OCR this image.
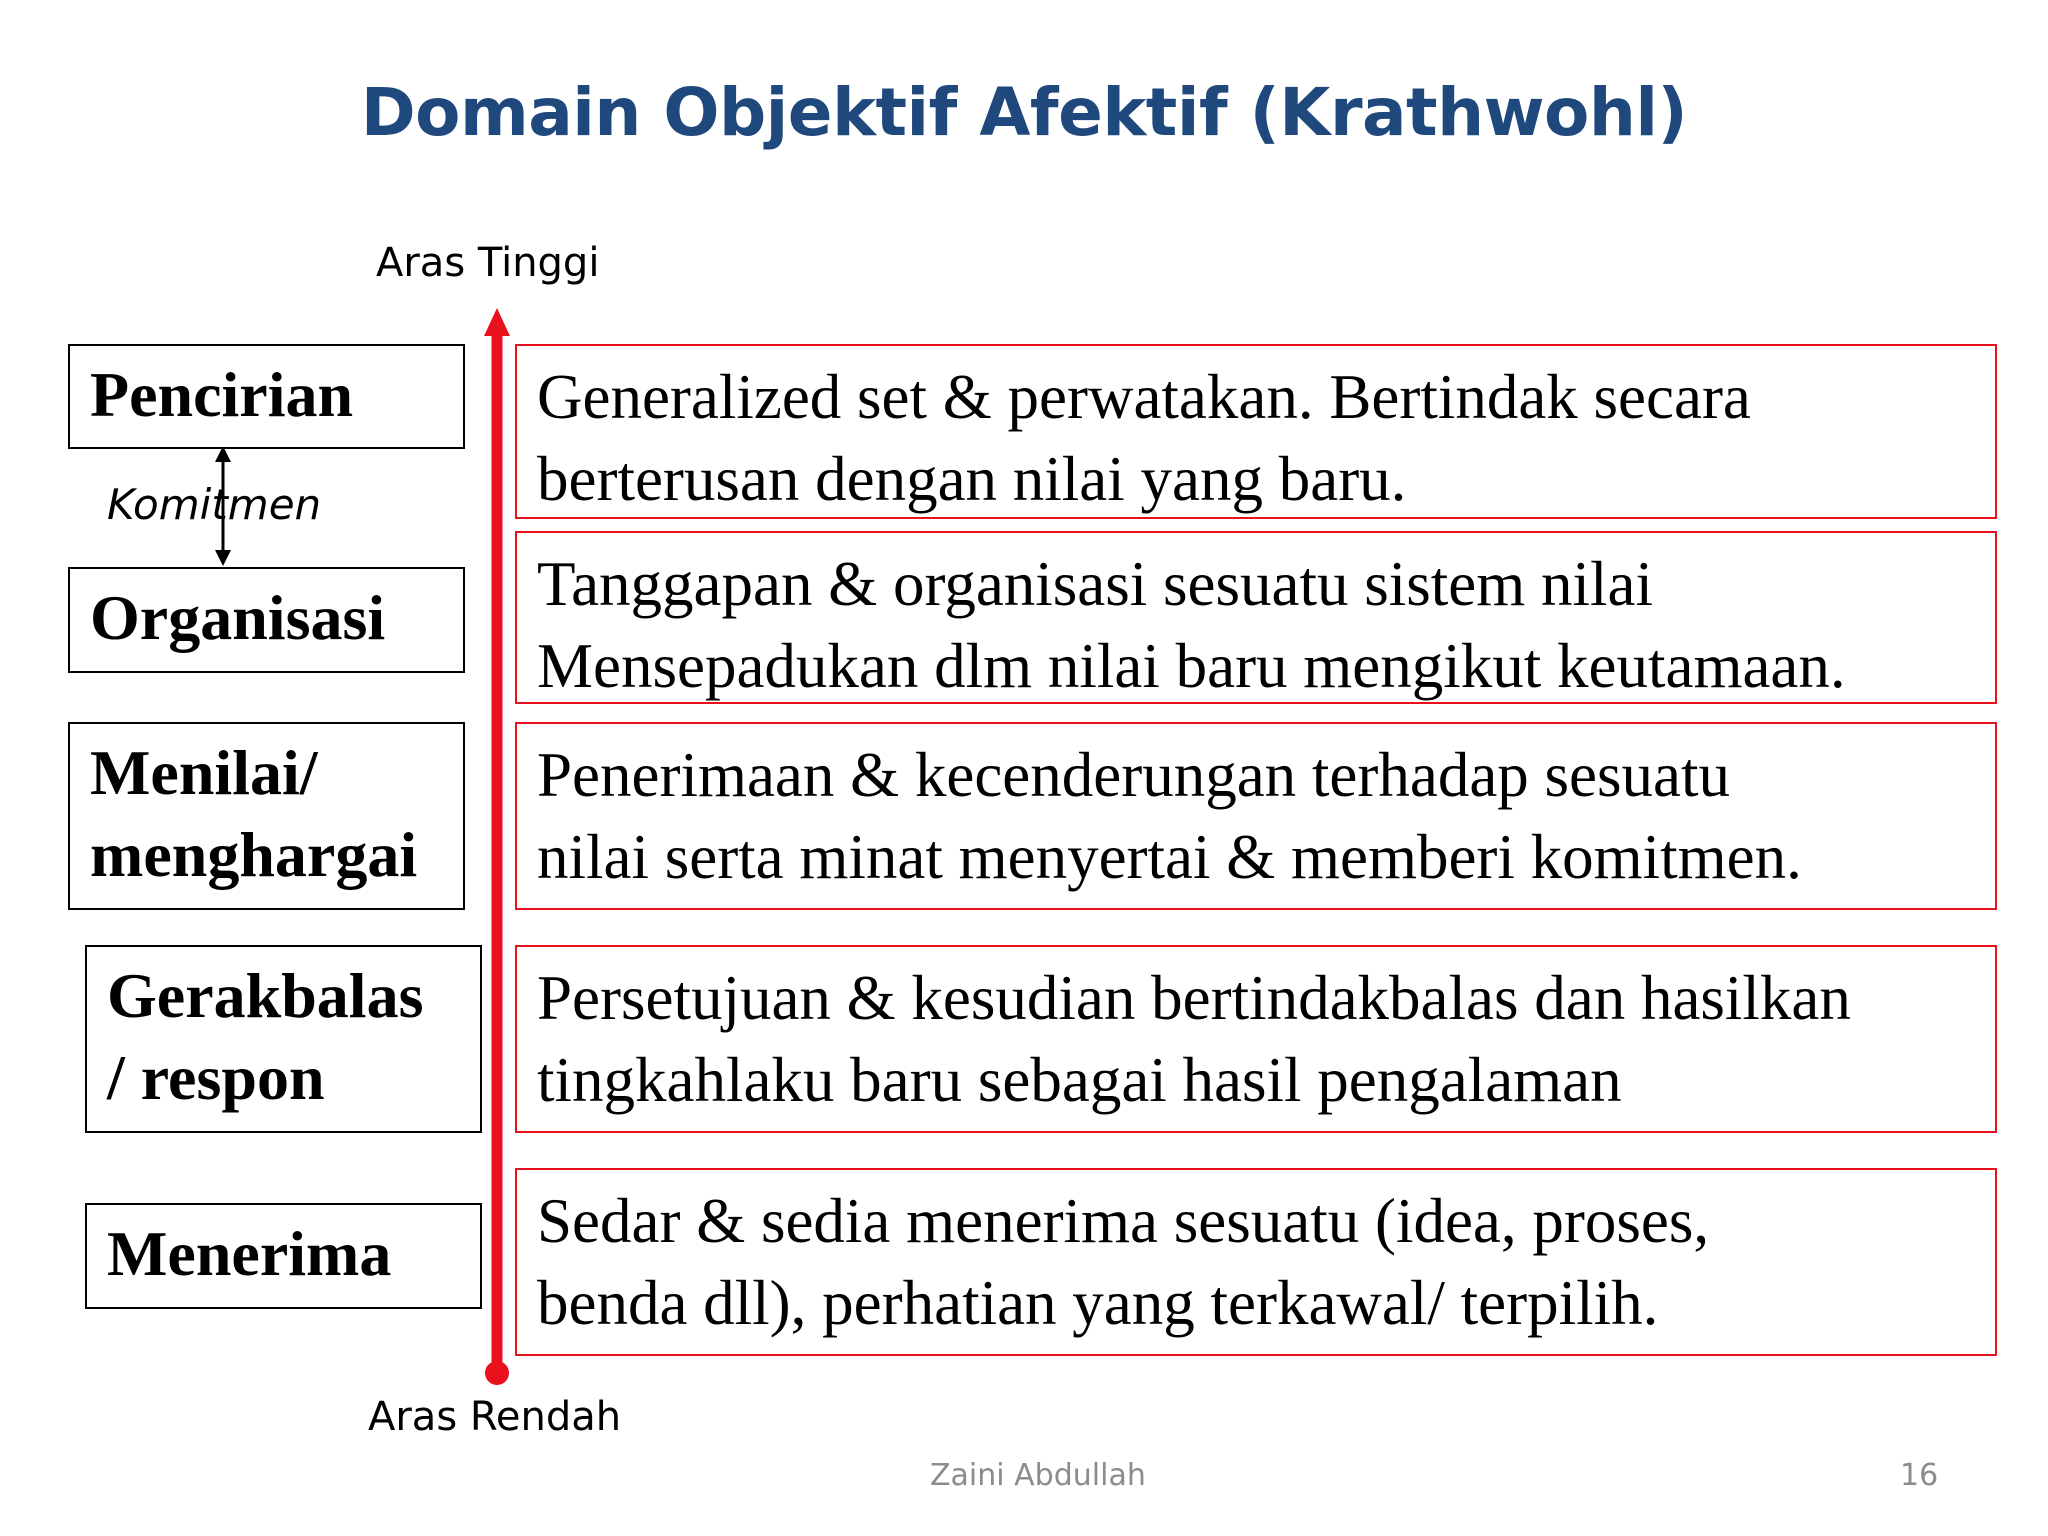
Domain Objektif Afektif (Krathwohl)
Aras Tinggi
Aras Rendah
Komitmen
Pencirian
Organisasi
Menilai/
menghargai
Gerakbalas
/ respon
Menerima
Generalized set & perwatakan. Bertindak secara
berterusan dengan nilai yang baru.
Tanggapan & organisasi sesuatu sistem nilai
Mensepadukan dlm nilai baru mengikut keutamaan.
Penerimaan & kecenderungan terhadap sesuatu
nilai serta minat menyertai & memberi komitmen.
Persetujuan & kesudian bertindakbalas dan hasilkan
tingkahlaku baru sebagai hasil pengalaman
Sedar & sedia menerima sesuatu (idea, proses,
benda dll), perhatian yang terkawal/ terpilih.
Zaini Abdullah	16
